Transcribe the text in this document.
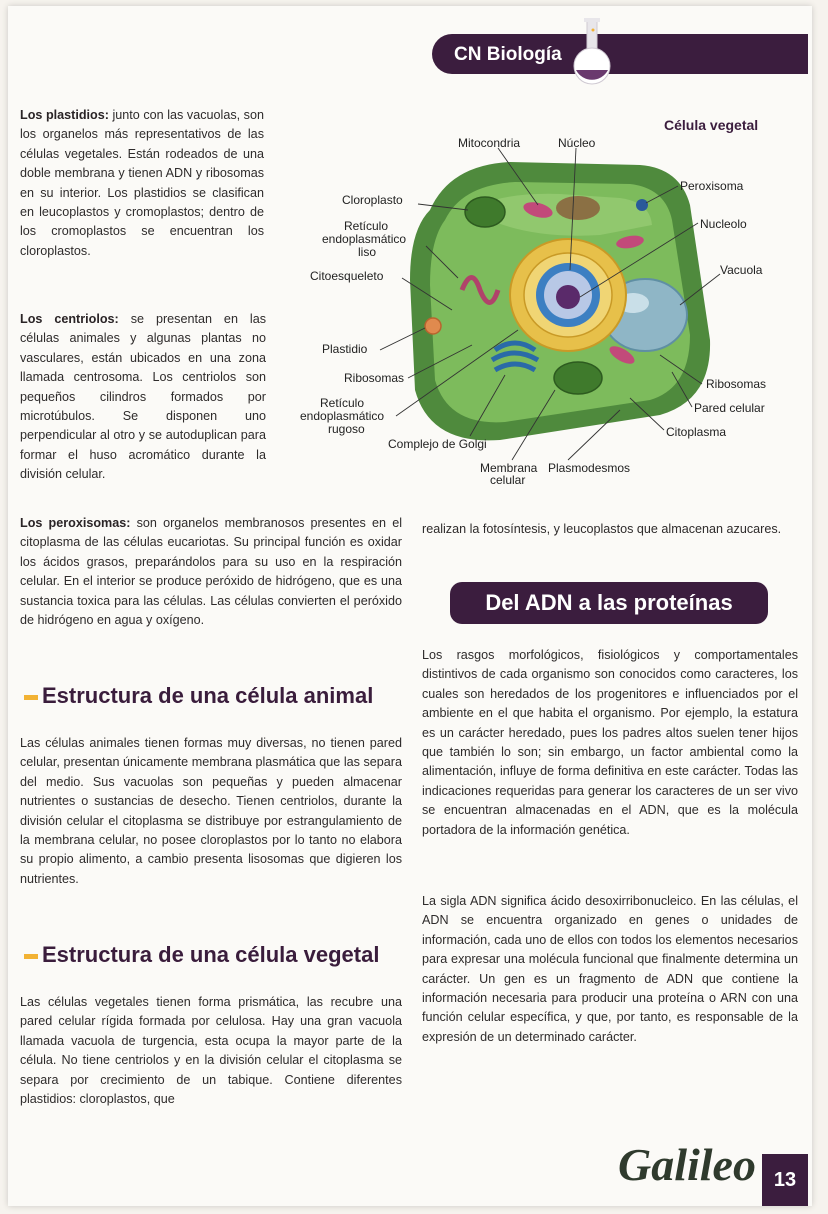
CN Biología
Los plastidios: junto con las vacuolas, son los organelos más representativos de las células vegetales. Están rodeados de una doble membrana y tienen ADN y ribosomas en su interior. Los plastidios se clasifican en leucoplastos y cromoplastos; dentro de los cromoplastos se encuentran los cloroplastos.
Los centriolos: se presentan en las células animales y algunas plantas no vasculares, están ubicados en una zona llamada centrosoma. Los centriolos son pequeños cilindros formados por microtúbulos. Se disponen uno perpendicular al otro y se autoduplican para formar el huso acromático durante la división celular.
Célula vegetal
Mitocondria	Núcleo
Peroxisoma
Nucleolo
Vacuola
Cloroplasto
Retículo
endoplasmático
liso
Citoesqueleto
Plastidio
Ribosomas
Retículo
endoplasmático
rugoso
Complejo de Golgi
Membrana
celular
Plasmodesmos
Ribosomas
Pared celular
Citoplasma
Los peroxisomas: son organelos membranosos presentes en el citoplasma de las células eucariotas. Su principal función es oxidar los ácidos grasos, preparándolos para su uso en la respiración celular. En el interior se produce peróxido de hidrógeno, que es una sustancia toxica para las células. Las células convierten el peróxido de hidrógeno en agua y oxígeno.
Estructura de una célula animal
Las células animales tienen formas muy diversas, no tienen pared celular, presentan únicamente membrana plasmática que las separa del medio. Sus vacuolas son pequeñas y pueden almacenar nutrientes o sustancias de desecho. Tienen centriolos, durante la división celular el citoplasma se distribuye por estrangulamiento de la membrana celular, no posee cloroplastos por lo tanto no elabora su propio alimento, a cambio presenta lisosomas que digieren los nutrientes.
Estructura de una célula vegetal
Las células vegetales tienen forma prismática, las recubre una pared celular rígida formada por celulosa. Hay una gran vacuola llamada vacuola de turgencia, esta ocupa la mayor parte de la célula. No tiene centriolos y en la división celular el citoplasma se separa por crecimiento de un tabique. Contiene diferentes plastidios: cloroplastos, que
realizan la fotosíntesis, y leucoplastos que almacenan azucares.
Del ADN a las proteínas
Los rasgos morfológicos, fisiológicos y comportamentales distintivos de cada organismo son conocidos como caracteres, los cuales son heredados de los progenitores e influenciados por el ambiente en el que habita el organismo. Por ejemplo, la estatura es un carácter heredado, pues los padres altos suelen tener hijos que también lo son; sin embargo, un factor ambiental como la alimentación, influye de forma definitiva en este carácter. Todas las indicaciones requeridas para generar los caracteres de un ser vivo se encuentran almacenadas en el ADN, que es la molécula portadora de la información genética.
La sigla ADN significa ácido desoxirribonucleico. En las células, el ADN se encuentra organizado en genes o unidades de información, cada uno de ellos con todos los elementos necesarios para expresar una molécula funcional que finalmente determina un carácter. Un gen es un fragmento de ADN que contiene la información necesaria para producir una proteína o ARN con una función celular específica, y que, por tanto, es responsable de la expresión de un determinado carácter.
Galileo 13
